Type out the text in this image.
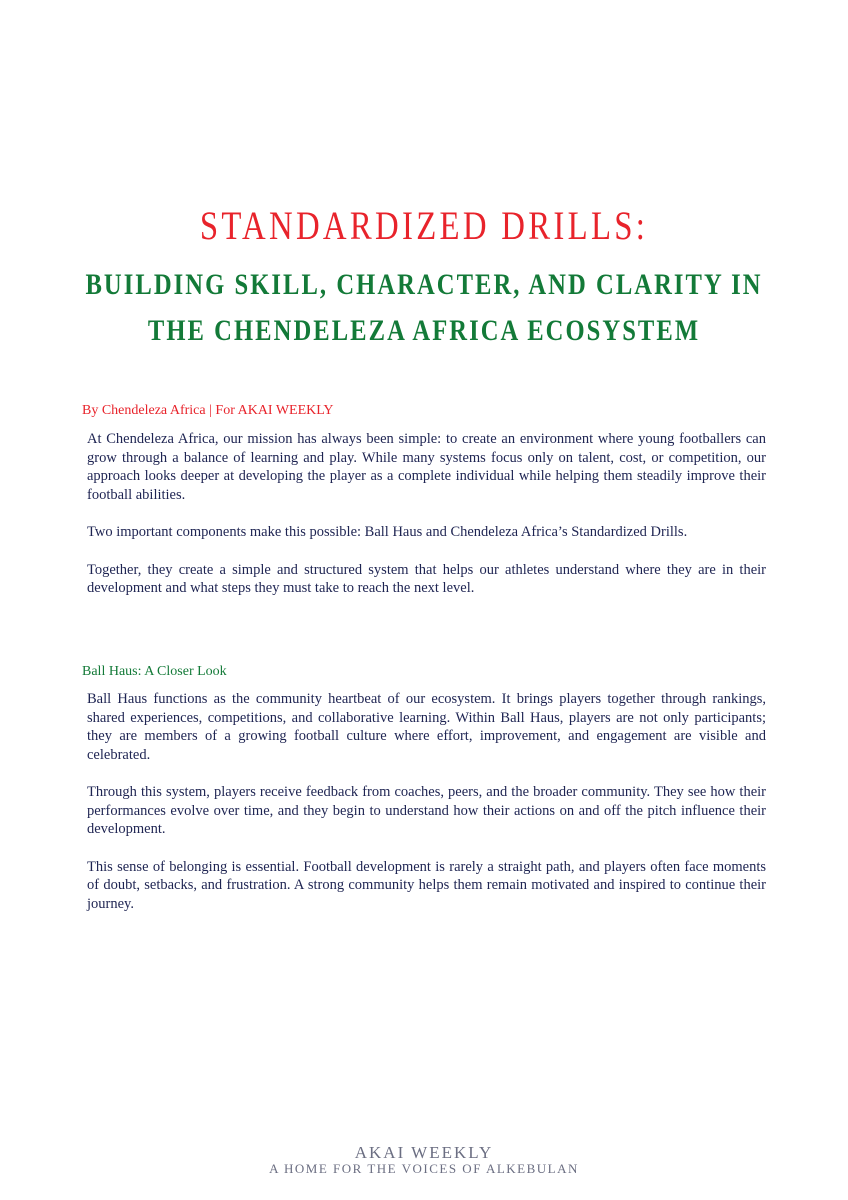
STANDARDIZED DRILLS:
BUILDING SKILL, CHARACTER, AND CLARITY IN
THE CHENDELEZA AFRICA ECOSYSTEM
By Chendeleza Africa | For AKAI WEEKLY

At Chendeleza Africa, our mission has always been simple: to create an environment where young footballers can grow through a balance of learning and play. While many systems focus only on talent, cost, or competition, our approach looks deeper at developing the player as a complete individual while helping them steadily improve their football abilities.

Two important components make this possible: Ball Haus and Chendeleza Africa’s Standardized Drills.

Together, they create a simple and structured system that helps our athletes understand where they are in their development and what steps they must take to reach the next level.

Ball Haus: A Closer Look

Ball Haus functions as the community heartbeat of our ecosystem. It brings players together through rankings, shared experiences, competitions, and collaborative learning. Within Ball Haus, players are not only participants; they are members of a growing football culture where effort, improvement, and engagement are visible and celebrated.

Through this system, players receive feedback from coaches, peers, and the broader community. They see how their performances evolve over time, and they begin to understand how their actions on and off the pitch influence their development.

This sense of belonging is essential. Football development is rarely a straight path, and players often face moments of doubt, setbacks, and frustration. A strong community helps them remain motivated and inspired to continue their journey.

AKAI WEEKLY
A HOME FOR THE VOICES OF ALKEBULAN
